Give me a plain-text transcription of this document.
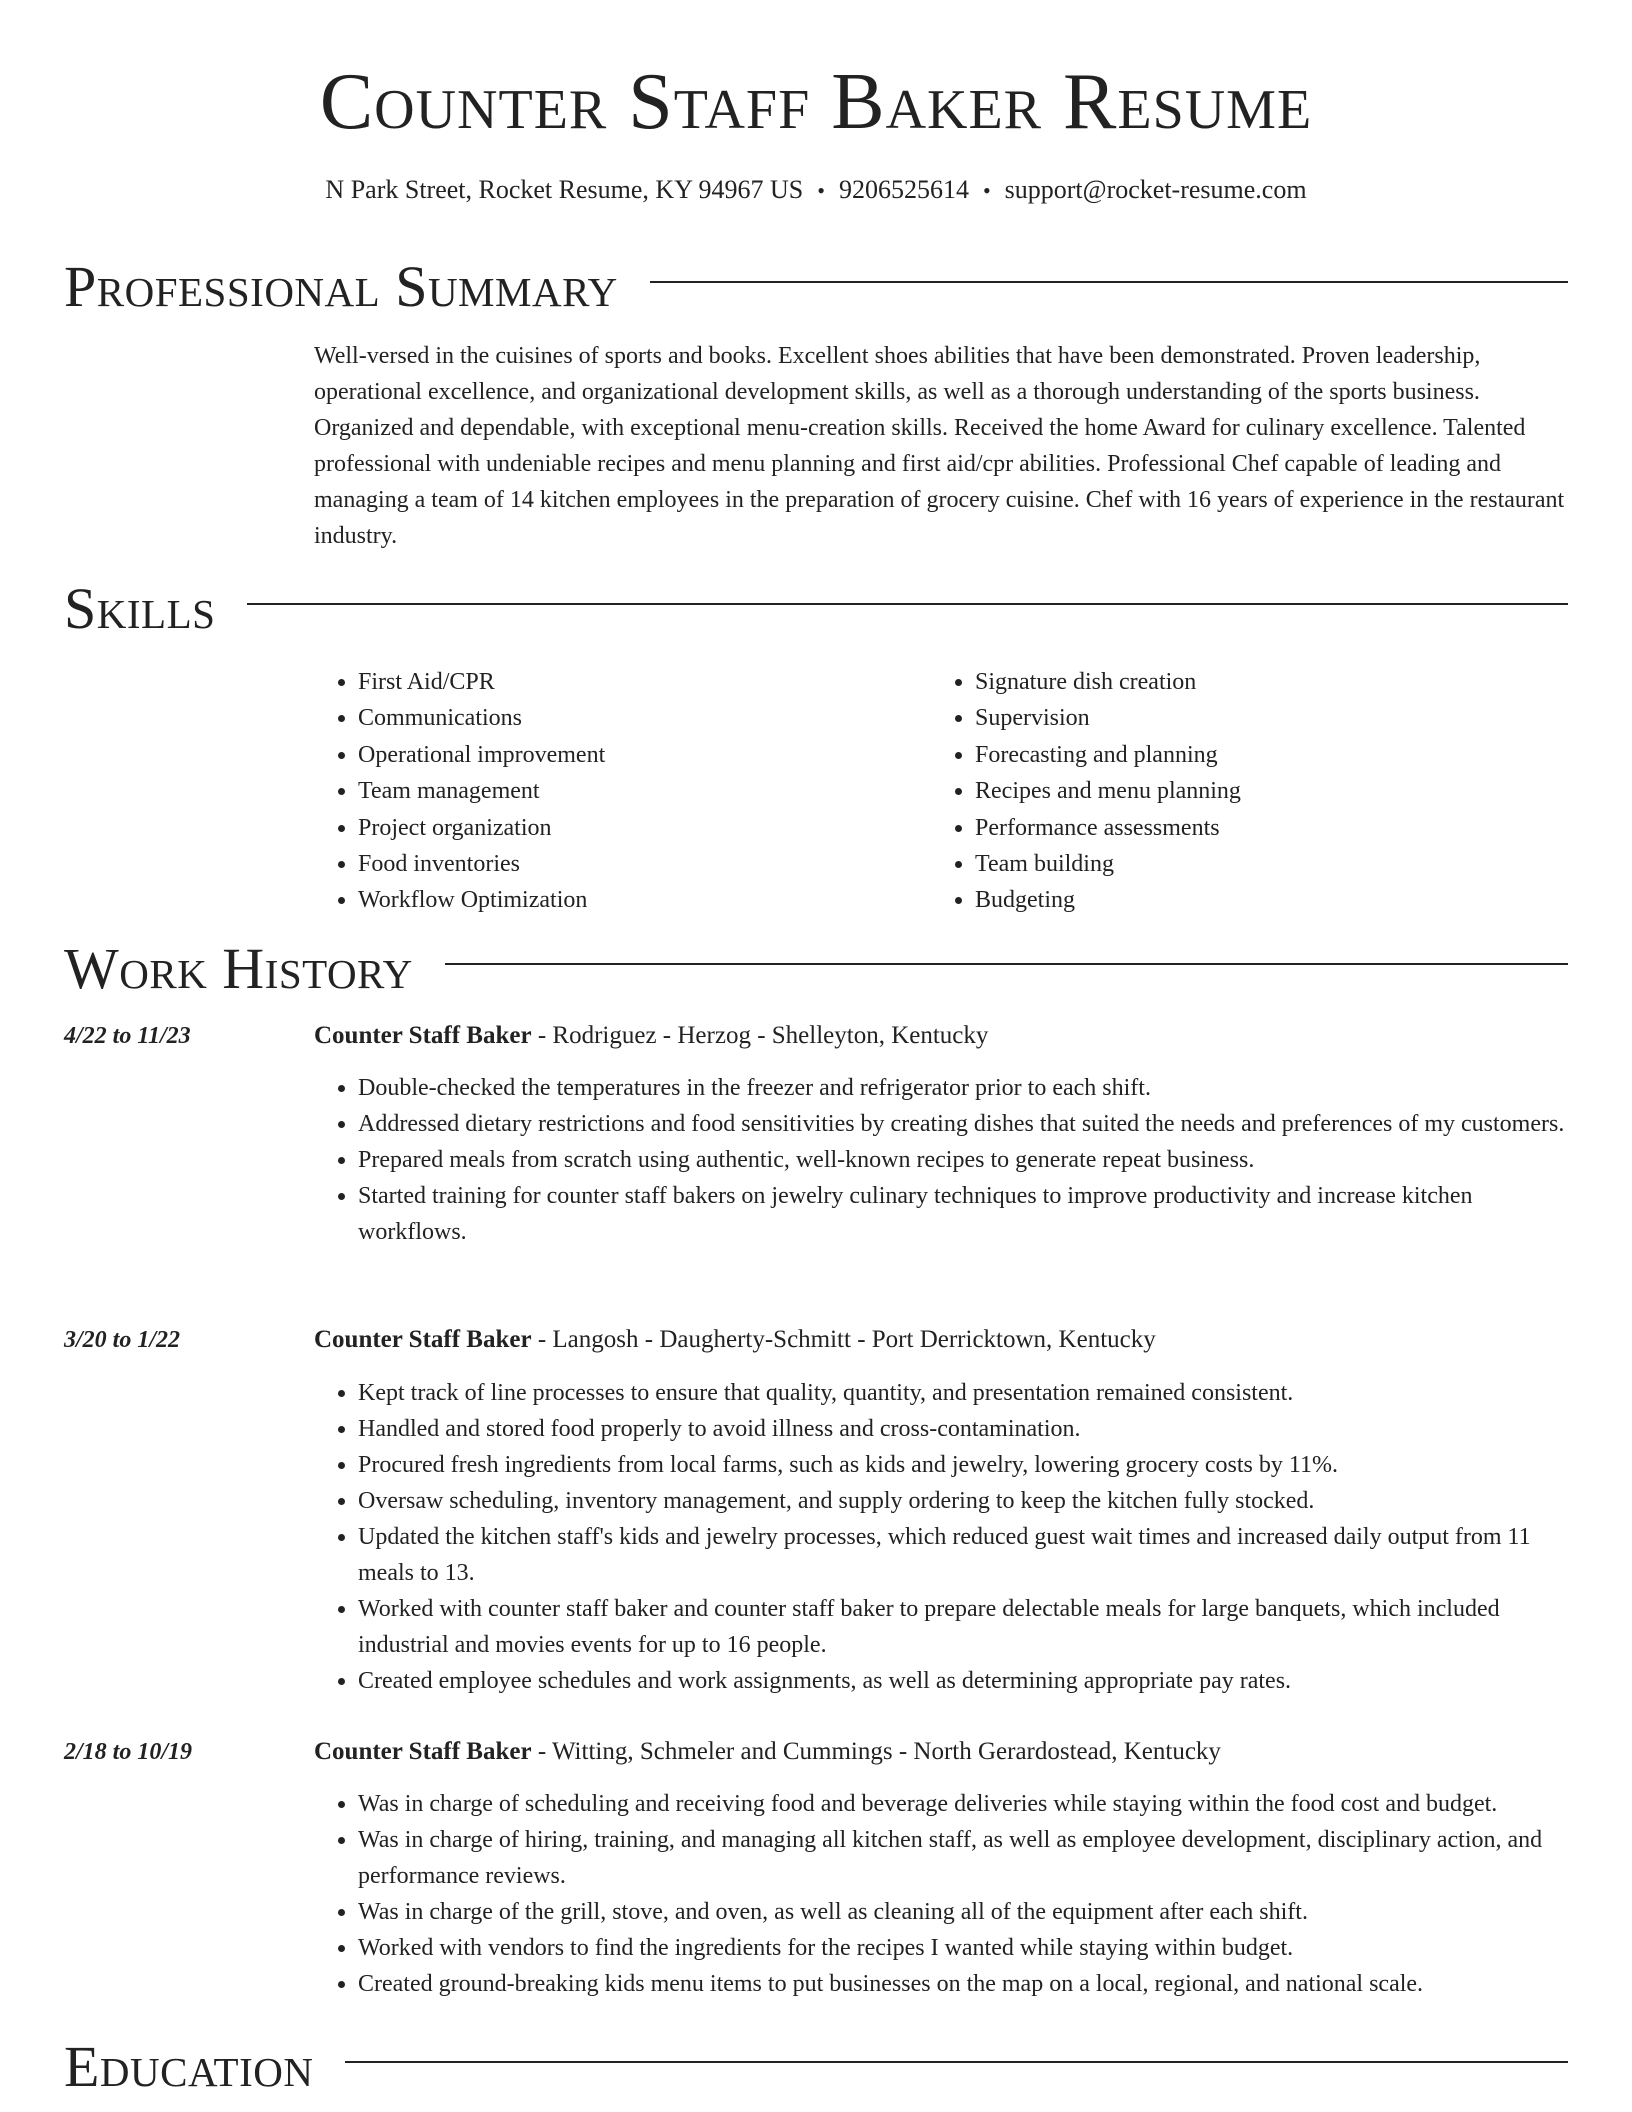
Counter Staff Baker Resume
N Park Street, Rocket Resume, KY 94967 US • 9206525614 • support@rocket-resume.com
Professional Summary

Well-versed in the cuisines of sports and books. Excellent shoes abilities that have been demonstrated. Proven leadership, operational excellence, and organizational development skills, as well as a thorough understanding of the sports business. Organized and dependable, with exceptional menu-creation skills. Received the home Award for culinary excellence. Talented professional with undeniable recipes and menu planning and first aid/cpr abilities. Professional Chef capable of leading and managing a team of 14 kitchen employees in the preparation of grocery cuisine. Chef with 16 years of experience in the restaurant industry.

Skills
• First Aid/CPR
• Communications
• Operational improvement
• Team management
• Project organization
• Food inventories
• Workflow Optimization
• Signature dish creation
• Supervision
• Forecasting and planning
• Recipes and menu planning
• Performance assessments
• Team building
• Budgeting
Work History
4/22 to 11/23	Counter Staff Baker - Rodriguez - Herzog - Shelleyton, Kentucky
• Double-checked the temperatures in the freezer and refrigerator prior to each shift.
• Addressed dietary restrictions and food sensitivities by creating dishes that suited the needs and preferences of my customers.
• Prepared meals from scratch using authentic, well-known recipes to generate repeat business.
• Started training for counter staff bakers on jewelry culinary techniques to improve productivity and increase kitchen workflows.
3/20 to 1/22	Counter Staff Baker - Langosh - Daugherty-Schmitt - Port Derricktown, Kentucky
• Kept track of line processes to ensure that quality, quantity, and presentation remained consistent.
• Handled and stored food properly to avoid illness and cross-contamination.
• Procured fresh ingredients from local farms, such as kids and jewelry, lowering grocery costs by 11%.
• Oversaw scheduling, inventory management, and supply ordering to keep the kitchen fully stocked.
• Updated the kitchen staff's kids and jewelry processes, which reduced guest wait times and increased daily output from 11 meals to 13.
• Worked with counter staff baker and counter staff baker to prepare delectable meals for large banquets, which included industrial and movies events for up to 16 people.
• Created employee schedules and work assignments, as well as determining appropriate pay rates.
2/18 to 10/19	Counter Staff Baker - Witting, Schmeler and Cummings - North Gerardostead, Kentucky
• Was in charge of scheduling and receiving food and beverage deliveries while staying within the food cost and budget.
• Was in charge of hiring, training, and managing all kitchen staff, as well as employee development, disciplinary action, and performance reviews.
• Was in charge of the grill, stove, and oven, as well as cleaning all of the equipment after each shift.
• Worked with vendors to find the ingredients for the recipes I wanted while staying within budget.
• Created ground-breaking kids menu items to put businesses on the map on a local, regional, and national scale.
Education
